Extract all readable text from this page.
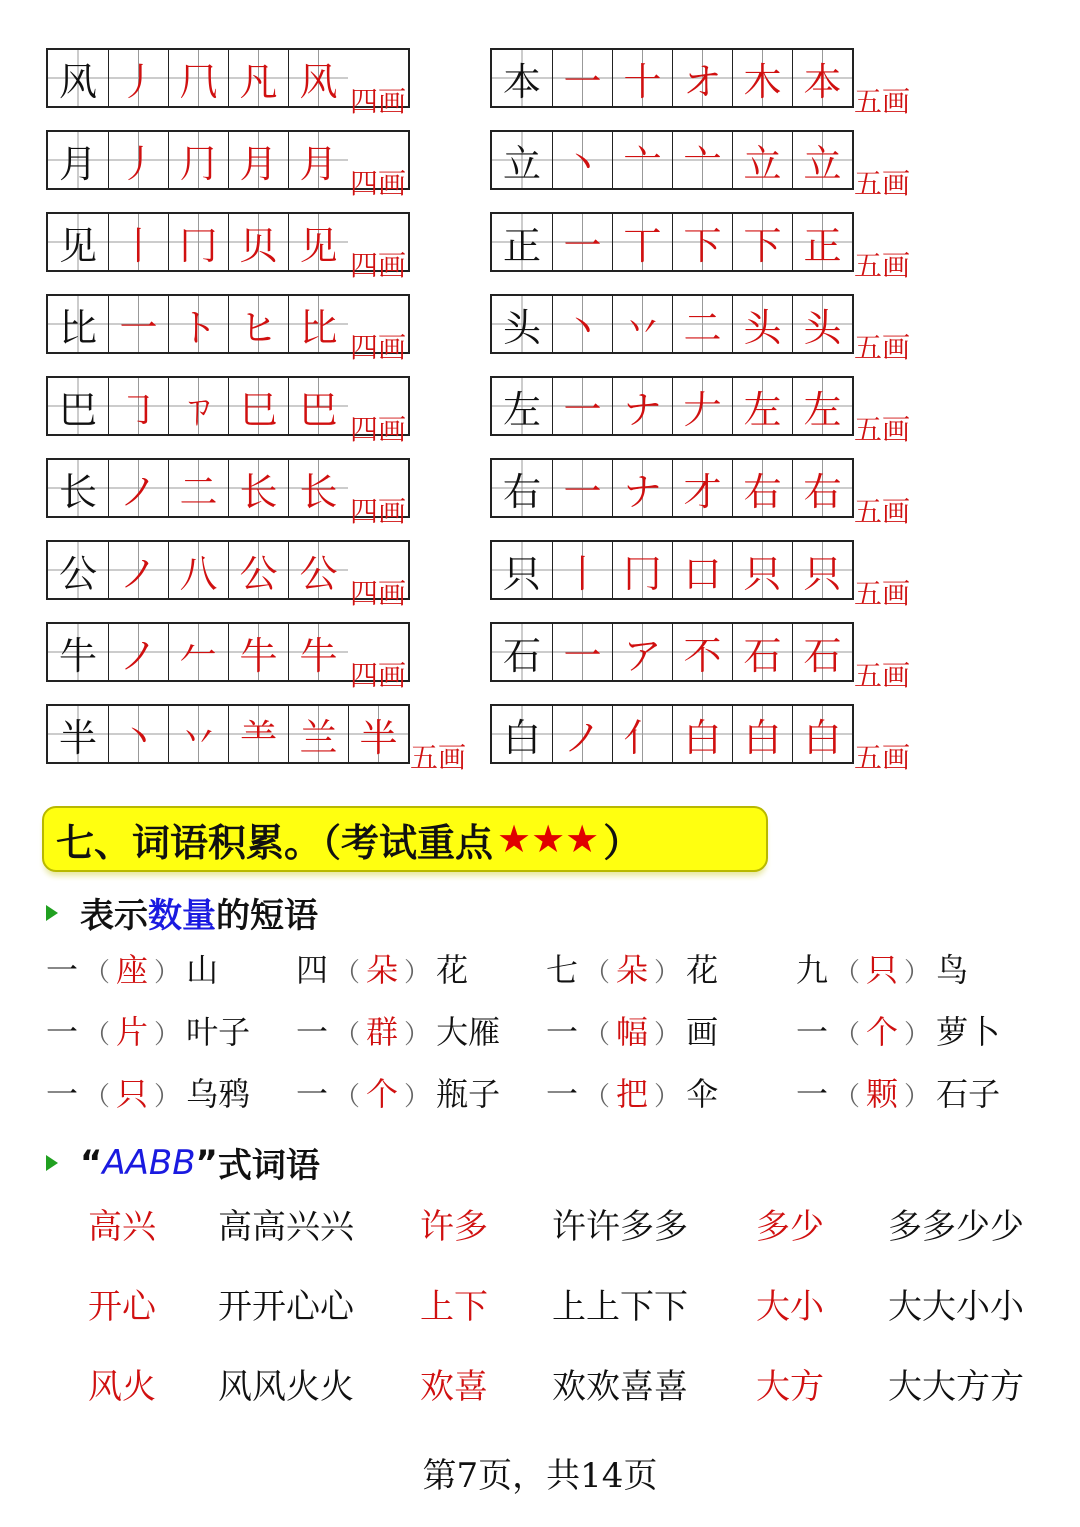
风 丿 ⺇ 凡 风 四画
月 丿 ⺆ 月 月 四画
见 丨 冂 贝 见 四画
比 一 ト ヒ 比 四画
巴 ㇆ ㄗ 巳 巴 四画
长 ノ 二 长 长 四画
公 ノ 八 公 公 四画
牛 ノ 𠂉 牛 牛 四画
半 丶 丷 ⺷ 兰 半 五画
本 一 十 オ 木 本 五画
立 丶 亠 亠 立 立 五画
正 一 丅 下 下 正 五画
头 丶 丷 二 头 头 五画
左 一 ナ 𠂇 左 左 五画
右 一 ナ 才 右 右 五画
只 丨 冂 口 只 只 五画
石 一 ア 不 石 石 五画
白 ノ 亻 白 白 白 五画
七、词语积累。（考试重点 ★★★ ）
表示 数量 的短语
一 （ 座 ） 山	四 （ 朵 ） 花	七 （ 朵 ） 花	九 （ 只 ） 鸟
一 （ 片 ） 叶子	一 （ 群 ） 大雁	一 （ 幅 ） 画	一 （ 个 ） 萝卜
一 （ 只 ） 乌鸦	一 （ 个 ） 瓶子	一 （ 把 ） 伞	一 （ 颗 ） 石子
“ AABB ” 式词语
高兴	高高兴兴	许多	许许多多	多少	多多少少
开心	开开心心	上下	上上下下	大小	大大小小
风火	风风火火	欢喜	欢欢喜喜	大方	大大方方
第7页，共14页
